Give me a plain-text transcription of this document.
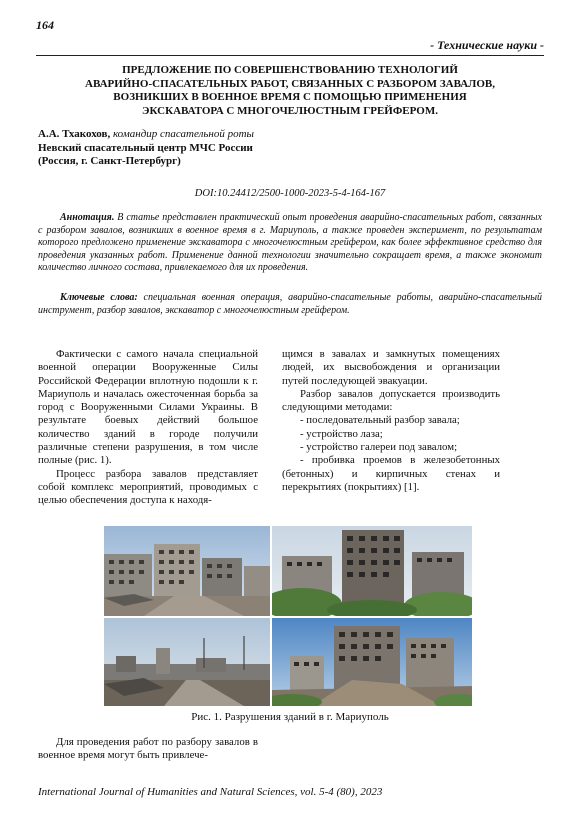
164
- Технические науки -
ПРЕДЛОЖЕНИЕ ПО СОВЕРШЕНСТВОВАНИЮ ТЕХНОЛОГИЙ
АВАРИЙНО-СПАСАТЕЛЬНЫХ РАБОТ, СВЯЗАННЫХ С РАЗБОРОМ ЗАВАЛОВ,
ВОЗНИКШИХ В ВОЕННОЕ ВРЕМЯ С ПОМОЩЬЮ ПРИМЕНЕНИЯ
ЭКСКАВАТОРА С МНОГОЧЕЛЮСТНЫМ ГРЕЙФЕРОМ.
А.А. Тхакохов, командир спасательной роты
Невский спасательный центр МЧС России
(Россия, г. Санкт-Петербург)
DOI:10.24412/2500-1000-2023-5-4-164-167
Аннотация. В статье представлен практический опыт проведения аварийно-спасательных работ, связанных с разбором завалов, возникших в военное время в г. Мариуполь, а также проведен эксперимент, по результатам которого предложено применение экскаватора с многочелюстным грейфером, как более эффективное средство для проведения указанных работ. Применение данной технологии значительно сокращает время, а также экономит количество личного состава, привлекаемого для их проведения.
Ключевые слова: специальная военная операция, аварийно-спасательные работы, аварийно-спасательный инструмент, разбор завалов, экскаватор с многочелюстным грейфером.

Фактически с самого начала специальной военной операции Вооруженные Силы Российской Федерации вплотную подошли к г. Мариуполь и началась ожесточенная борьба за город с Вооруженными Силами Украины. В результате боевых действий большое количество зданий в городе получили различные степени разрушения, в том числе полные (рис. 1).

Процесс разбора завалов представляет собой комплекс мероприятий, проводимых с целью обеспечения доступа к находя-

щимся в завалах и замкнутых помещениях людей, их высвобождения и организации путей последующей эвакуации.

Разбор завалов допускается производить следующими методами:

- последовательный разбор завала;

- устройство лаза;

- устройство галереи под завалом;

- пробивка проемов в железобетонных (бетонных) и кирпичных стенах и перекрытиях (покрытиях) [1].

Рис. 1. Разрушения зданий в г. Мариуполь
Для проведения работ по разбору завалов в военное время могут быть привлече-
International Journal of Humanities and Natural Sciences, vol. 5-4 (80), 2023
